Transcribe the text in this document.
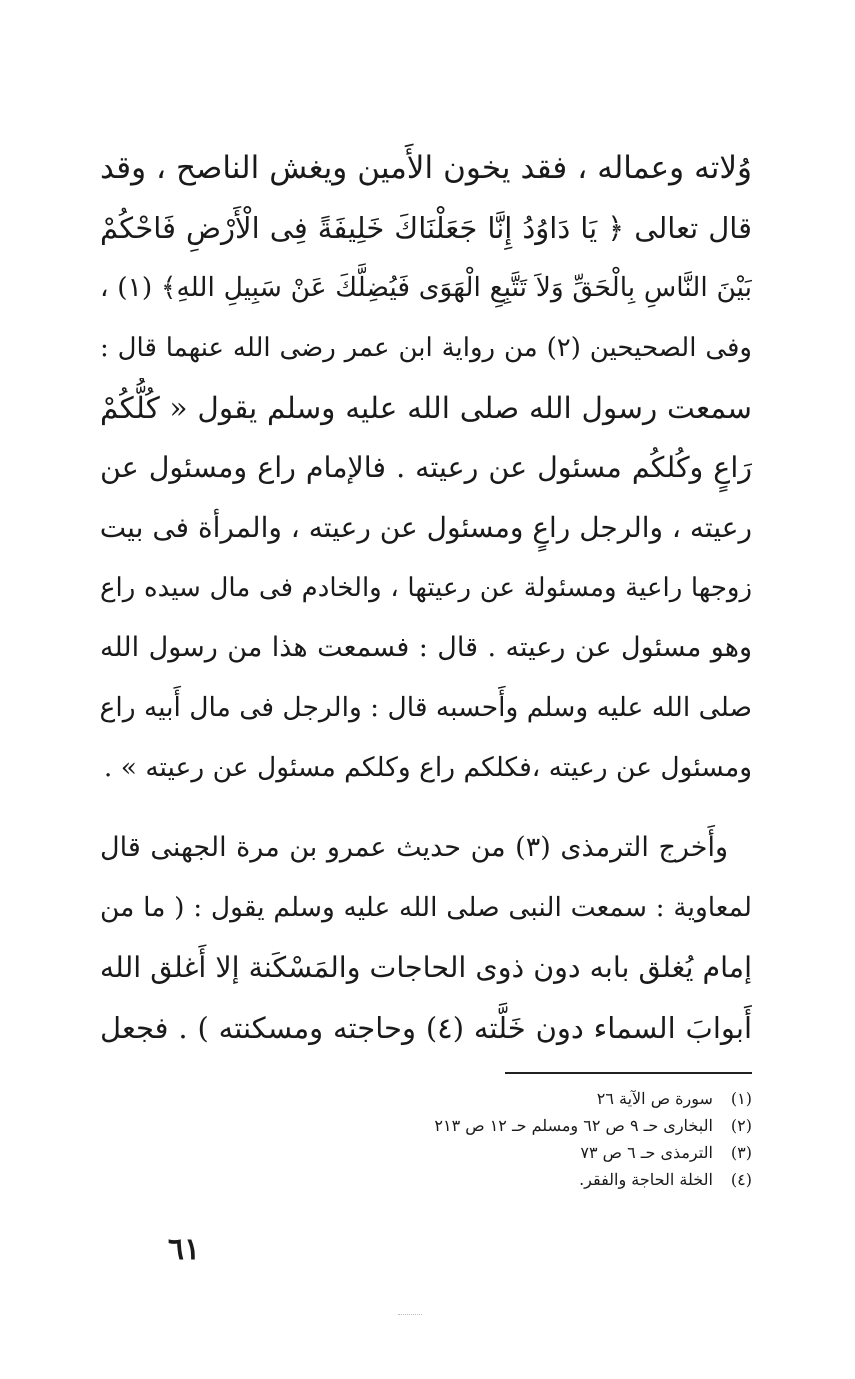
وُلاته وعماله ، فقد يخون الأَمين ويغش الناصح ، وقد
قال تعالى ﴿ يَا دَاوُدُ إِنَّا جَعَلْنَاكَ خَلِيفَةً فِى الْأَرْضِ فَاحْكُمْ
بَيْنَ النَّاسِ بِالْحَقِّ وَلاَ تَتَّبِعِ الْهَوَى فَيُضِلَّكَ عَنْ سَبِيلِ اللهِ﴾ (١) ،
وفى الصحيحين (٢) من رواية ابن عمر رضى الله عنهما قال :
سمعت رسول الله صلى الله عليه وسلم يقول « كُلُّكُمْ
رَاعٍ وكُلكُم مسئول عن رعيته . فالإمام راع ومسئول عن
رعيته ، والرجل راعٍ ومسئول عن رعيته ، والمرأة فى بيت
زوجها راعية ومسئولة عن رعيتها ، والخادم فى مال سيده راع
وهو مسئول عن رعيته . قال : فسمعت هذا من رسول الله
صلى الله عليه وسلم وأَحسبه قال : والرجل فى مال أَبيه راع
ومسئول عن رعيته ،فكلكم راع وكلكم مسئول عن رعيته » .
وأَخرج الترمذى (٣) من حديث عمرو بن مرة الجهنى قال
لمعاوية : سمعت النبى صلى الله عليه وسلم يقول : ( ما من
إمام يُغلق بابه دون ذوى الحاجات والمَسْكَنة إلا أَغلق الله
أَبوابَ السماء دون خَلَّته (٤) وحاجته ومسكنته ) . فجعل
(١) سورة ص الآية ٢٦
(٢) البخارى حـ ٩ ص ٦٢ ومسلم حـ ١٢ ص ٢١٣
(٣) الترمذى حـ ٦ ص ٧٣
(٤) الخلة الحاجة والفقر.
٦١
